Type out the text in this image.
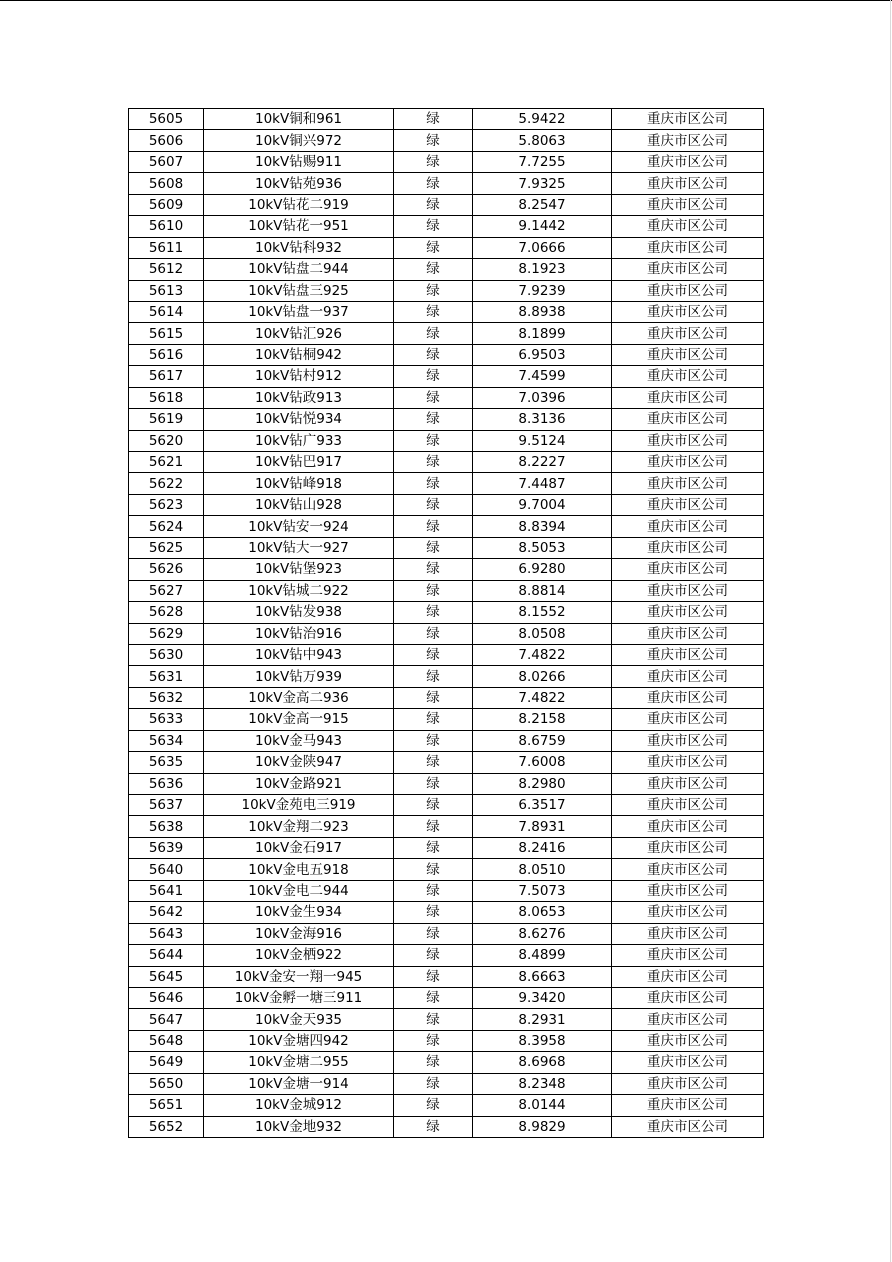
5605	10kV铜和961	绿	5.9422	重庆市区公司
5606	10kV铜兴972	绿	5.8063	重庆市区公司
5607	10kV钻赐911	绿	7.7255	重庆市区公司
5608	10kV钻苑936	绿	7.9325	重庆市区公司
5609	10kV钻花二919	绿	8.2547	重庆市区公司
5610	10kV钻花一951	绿	9.1442	重庆市区公司
5611	10kV钻科932	绿	7.0666	重庆市区公司
5612	10kV钻盘二944	绿	8.1923	重庆市区公司
5613	10kV钻盘三925	绿	7.9239	重庆市区公司
5614	10kV钻盘一937	绿	8.8938	重庆市区公司
5615	10kV钻汇926	绿	8.1899	重庆市区公司
5616	10kV钻桐942	绿	6.9503	重庆市区公司
5617	10kV钻村912	绿	7.4599	重庆市区公司
5618	10kV钻政913	绿	7.0396	重庆市区公司
5619	10kV钻悦934	绿	8.3136	重庆市区公司
5620	10kV钻广933	绿	9.5124	重庆市区公司
5621	10kV钻巴917	绿	8.2227	重庆市区公司
5622	10kV钻峰918	绿	7.4487	重庆市区公司
5623	10kV钻山928	绿	9.7004	重庆市区公司
5624	10kV钻安一924	绿	8.8394	重庆市区公司
5625	10kV钻大一927	绿	8.5053	重庆市区公司
5626	10kV钻堡923	绿	6.9280	重庆市区公司
5627	10kV钻城二922	绿	8.8814	重庆市区公司
5628	10kV钻发938	绿	8.1552	重庆市区公司
5629	10kV钻治916	绿	8.0508	重庆市区公司
5630	10kV钻中943	绿	7.4822	重庆市区公司
5631	10kV钻万939	绿	8.0266	重庆市区公司
5632	10kV金高二936	绿	7.4822	重庆市区公司
5633	10kV金高一915	绿	8.2158	重庆市区公司
5634	10kV金马943	绿	8.6759	重庆市区公司
5635	10kV金陕947	绿	7.6008	重庆市区公司
5636	10kV金路921	绿	8.2980	重庆市区公司
5637	10kV金苑电三919	绿	6.3517	重庆市区公司
5638	10kV金翔二923	绿	7.8931	重庆市区公司
5639	10kV金石917	绿	8.2416	重庆市区公司
5640	10kV金电五918	绿	8.0510	重庆市区公司
5641	10kV金电二944	绿	7.5073	重庆市区公司
5642	10kV金生934	绿	8.0653	重庆市区公司
5643	10kV金海916	绿	8.6276	重庆市区公司
5644	10kV金栖922	绿	8.4899	重庆市区公司
5645	10kV金安一翔一945	绿	8.6663	重庆市区公司
5646	10kV金孵一塘三911	绿	9.3420	重庆市区公司
5647	10kV金天935	绿	8.2931	重庆市区公司
5648	10kV金塘四942	绿	8.3958	重庆市区公司
5649	10kV金塘二955	绿	8.6968	重庆市区公司
5650	10kV金塘一914	绿	8.2348	重庆市区公司
5651	10kV金城912	绿	8.0144	重庆市区公司
5652	10kV金地932	绿	8.9829	重庆市区公司
